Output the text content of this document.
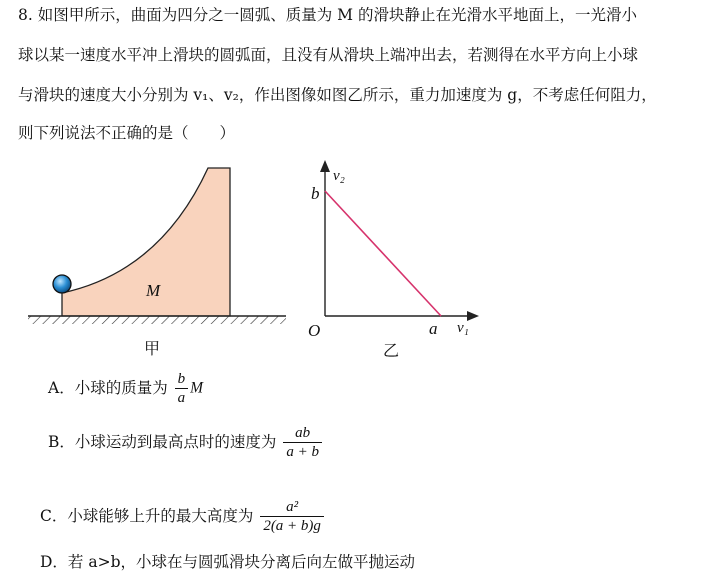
8. 如图甲所示，曲面为四分之一圆弧、质量为 M 的滑块静止在光滑水平地面上，一光滑小
球以某一速度水平冲上滑块的圆弧面，且没有从滑块上端冲出去，若测得在水平方向上小球
与滑块的速度大小分别为 v₁、v₂，作出图像如图乙所示，重力加速度为 g，不考虑任何阻力，
则下列说法不正确的是（　　）
M
甲
v₂
v₁
O
b
a
乙
A．小球的质量为 $\frac{b}{a}$ M
B．小球运动到最高点时的速度为 $\frac{ab}{a + b}$
C．小球能够上升的最大高度为 $\frac{\text{a²}}{2(a + b)g}$
D．若 a>b，小球在与圆弧滑块分离后向左做平抛运动
